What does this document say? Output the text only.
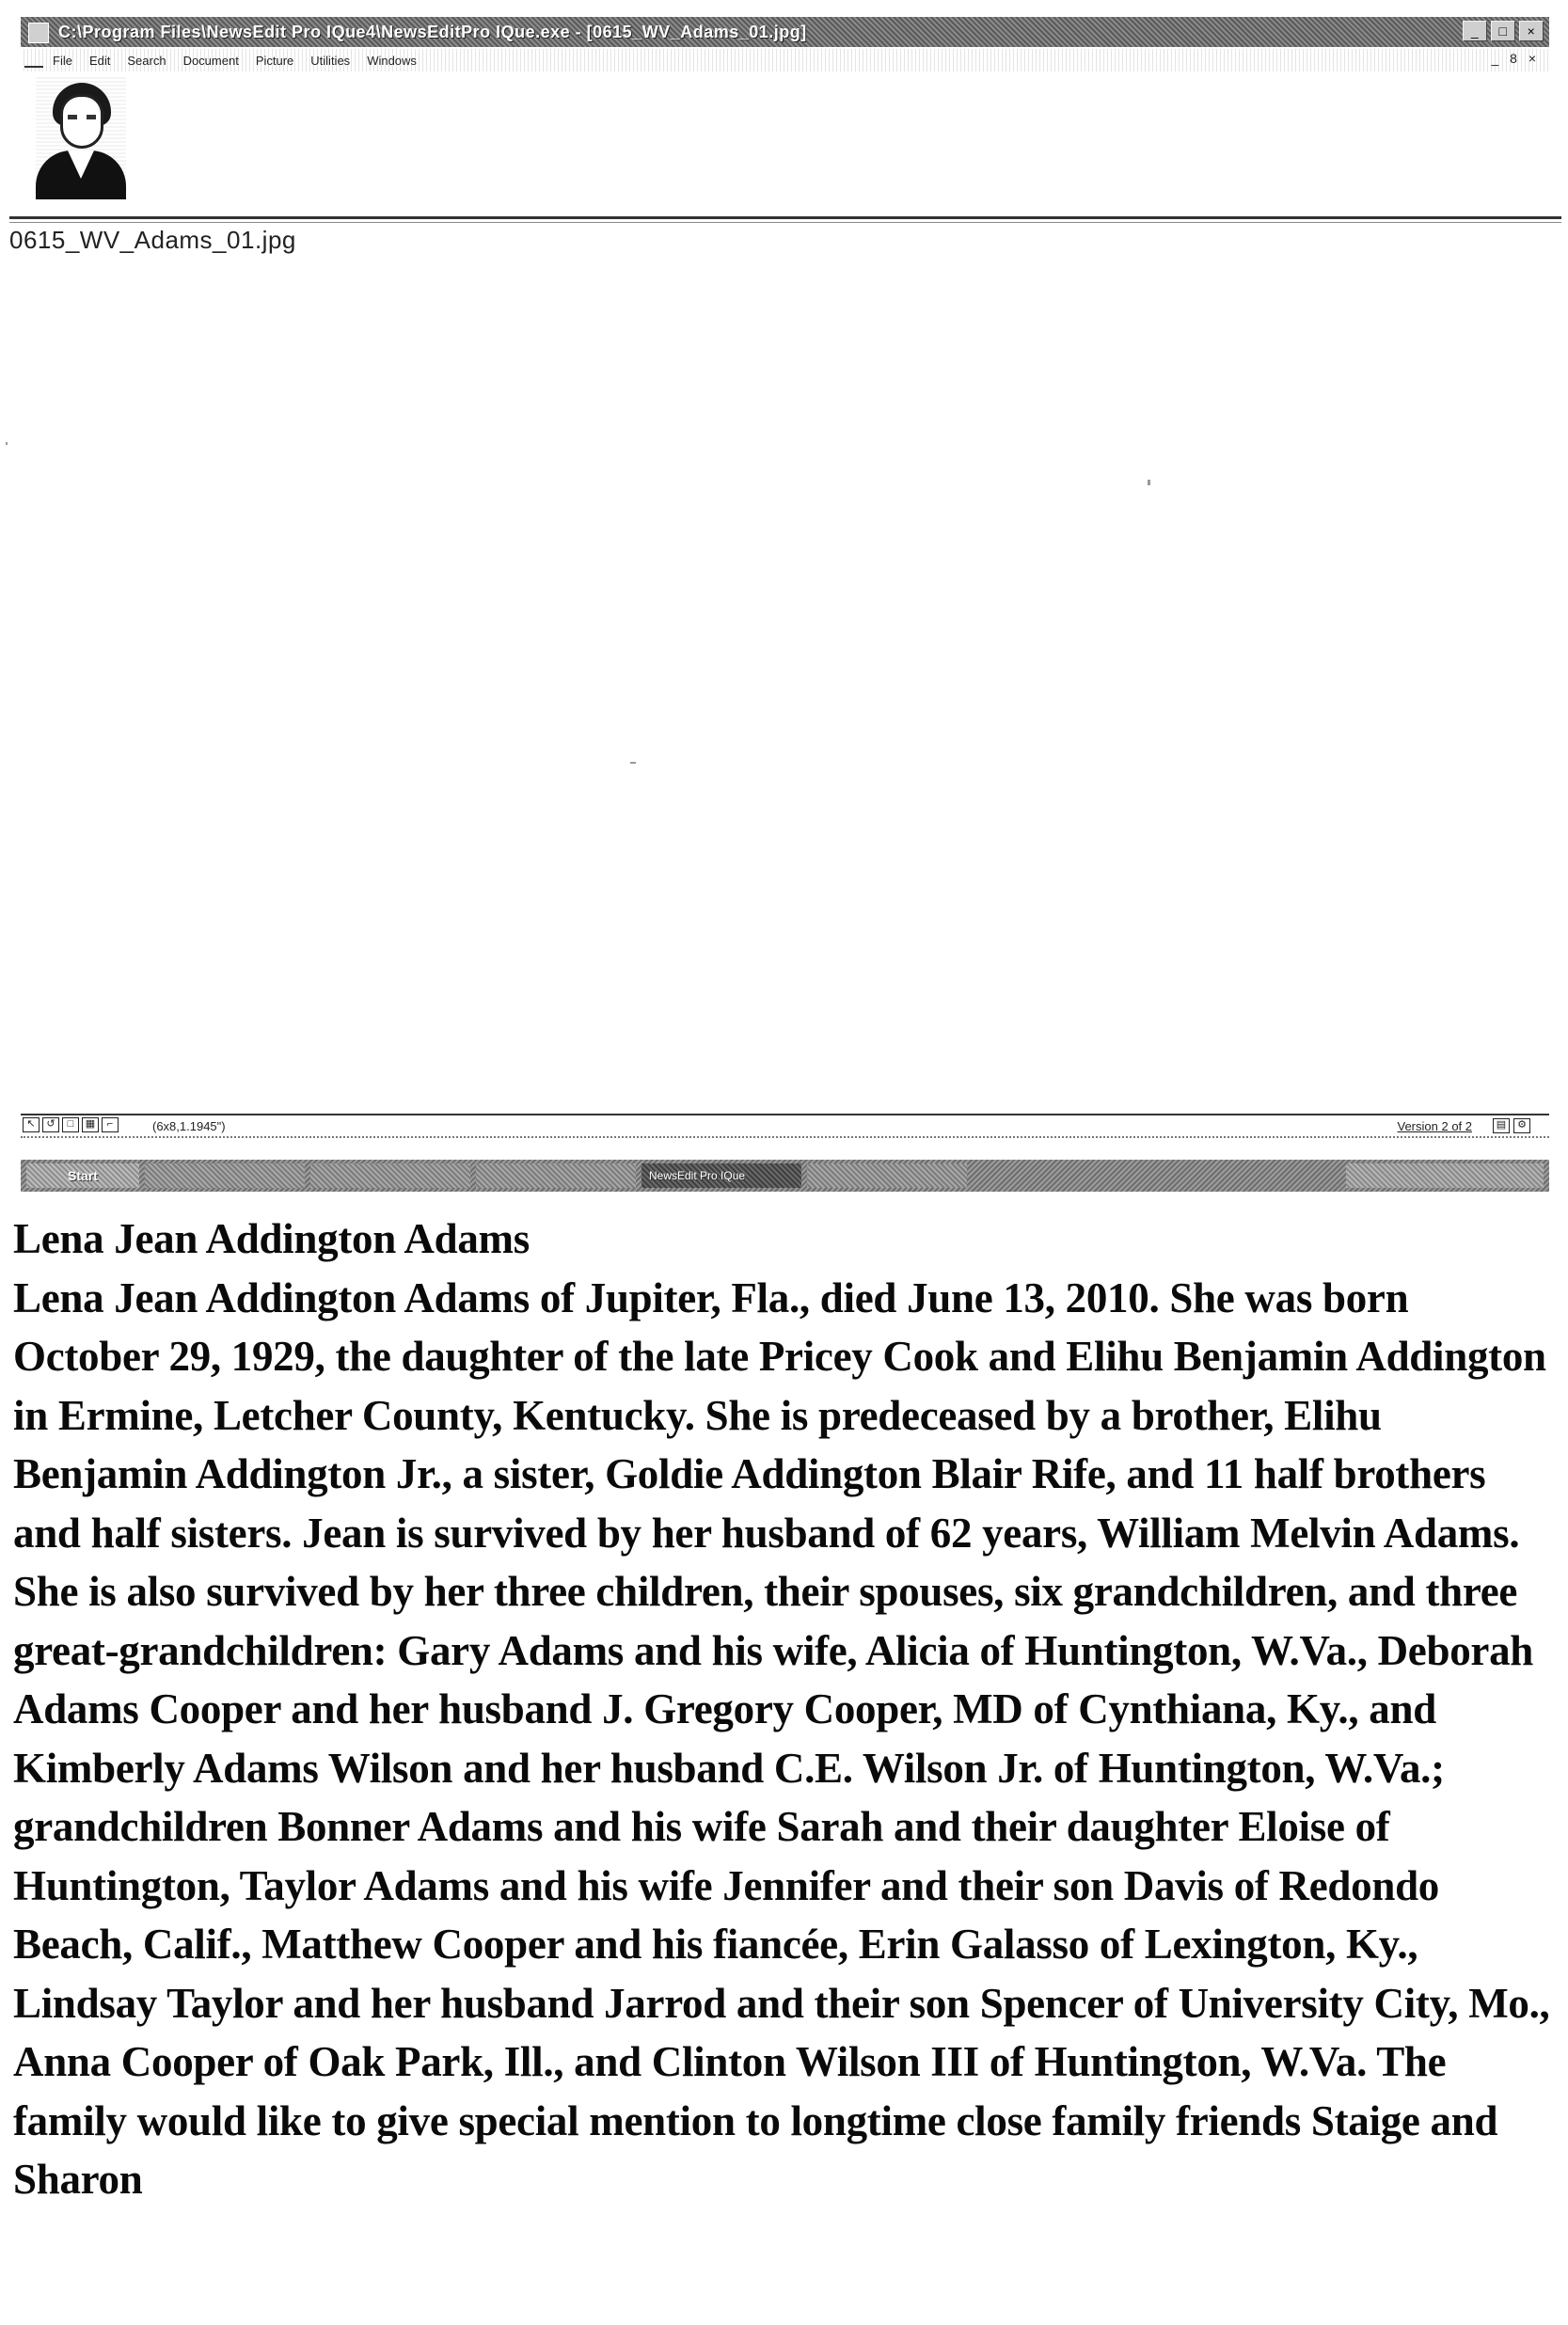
C:\Program Files\NewsEdit Pro IQue4\NewsEditPro IQue.exe - [0615_WV_Adams_01.jpg]	_	□	×
File Edit Search Document Picture Utilities Windows	_ 8 ×
0615_WV_Adams_01.jpg
↖	↺	□	▦	⌐	(6x8,1.1945")	Version 2 of 2	▤	⚙
Start	NewsEdit Pro IQue

Lena Jean Addington Adams

Lena Jean Addington Adams of Jupiter, Fla., died June 13, 2010. She was born October 29, 1929, the daughter of the late Pricey Cook and Elihu Benjamin Addington in Ermine, Letcher County, Kentucky. She is predeceased by a brother, Elihu Benjamin Addington Jr., a sister, Goldie Addington Blair Rife, and 11 half brothers and half sisters. Jean is survived by her husband of 62 years, William Melvin Adams. She is also survived by her three children, their spouses, six grandchildren, and three great-grandchildren: Gary Adams and his wife, Alicia of Huntington, W.Va., Deborah Adams Cooper and her husband J. Gregory Cooper, MD of Cynthiana, Ky., and Kimberly Adams Wilson and her husband C.E. Wilson Jr. of Huntington, W.Va.; grandchildren Bonner Adams and his wife Sarah and their daughter Eloise of Huntington, Taylor Adams and his wife Jennifer and their son Davis of Redondo Beach, Calif., Matthew Cooper and his fiancée, Erin Galasso of Lexington, Ky., Lindsay Taylor and her husband Jarrod and their son Spencer of University City, Mo., Anna Cooper of Oak Park, Ill., and Clinton Wilson III of Huntington, W.Va. The family would like to give special mention to longtime close family friends Staige and Sharon
